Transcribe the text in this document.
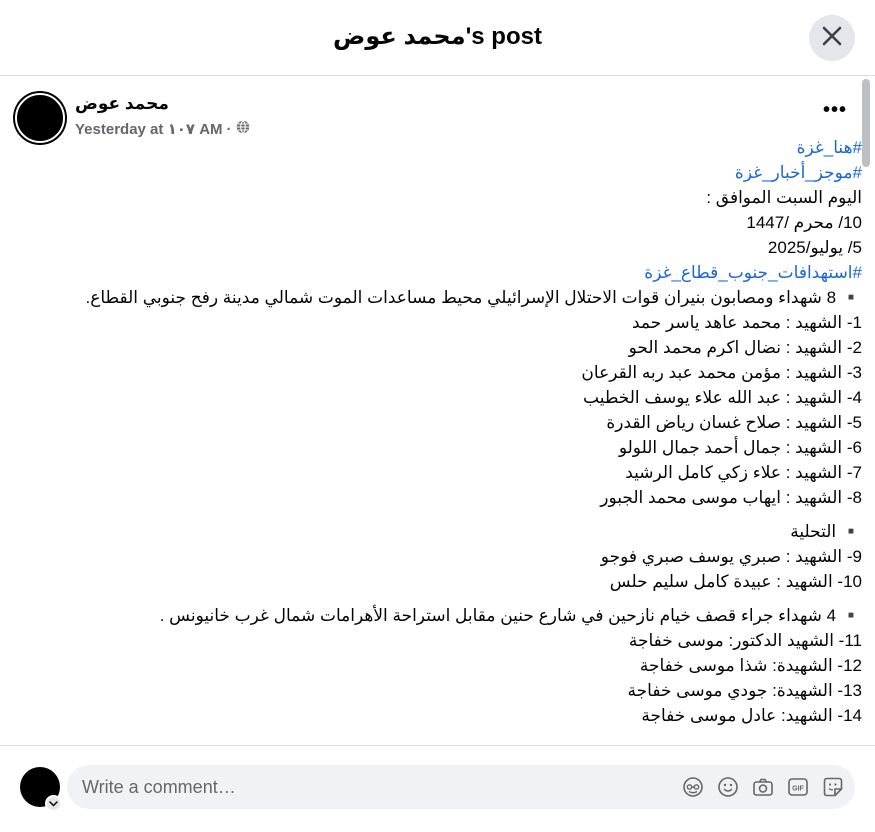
محمد عوض's post
محمد عوض
Yesterday at ١٠٧ AM ·
•••
#هنا_غزة
#موجز_أخبار_غزة
اليوم السبت الموافق :
10/ محرم /1447
5/ يوليو/2025
#استهدافات_جنوب_قطاع_غزة
▪️ 8 شهداء ومصابون بنيران قوات الاحتلال الإسرائيلي محيط مساعدات الموت شمالي مدينة رفح جنوبي القطاع.
1- الشهيد : محمد عاهد ياسر حمد
2- الشهيد : نضال اكرم محمد الحو
3- الشهيد : مؤمن محمد عبد ربه القرعان
4- الشهيد : عبد الله علاء يوسف الخطيب
5- الشهيد : صلاح غسان رياض القدرة
6- الشهيد : جمال أحمد جمال اللولو
7- الشهيد : علاء زكي كامل الرشيد
8- الشهيد : ايهاب موسى محمد الجبور
▪️ التحلية
9- الشهيد : صبري يوسف صبري فوجو
10- الشهيد : عبيدة كامل سليم حلس
▪️ 4 شهداء جراء قصف خيام نازحين في شارع حنين مقابل استراحة الأهرامات شمال غرب خانيونس .
11- الشهيد الدكتور: موسى خفاجة
12- الشهيدة: شذا موسى خفاجة
13- الشهيدة: جودي موسى خفاجة
14- الشهيد: عادل موسى خفاجة
Write a comment…
GIF
